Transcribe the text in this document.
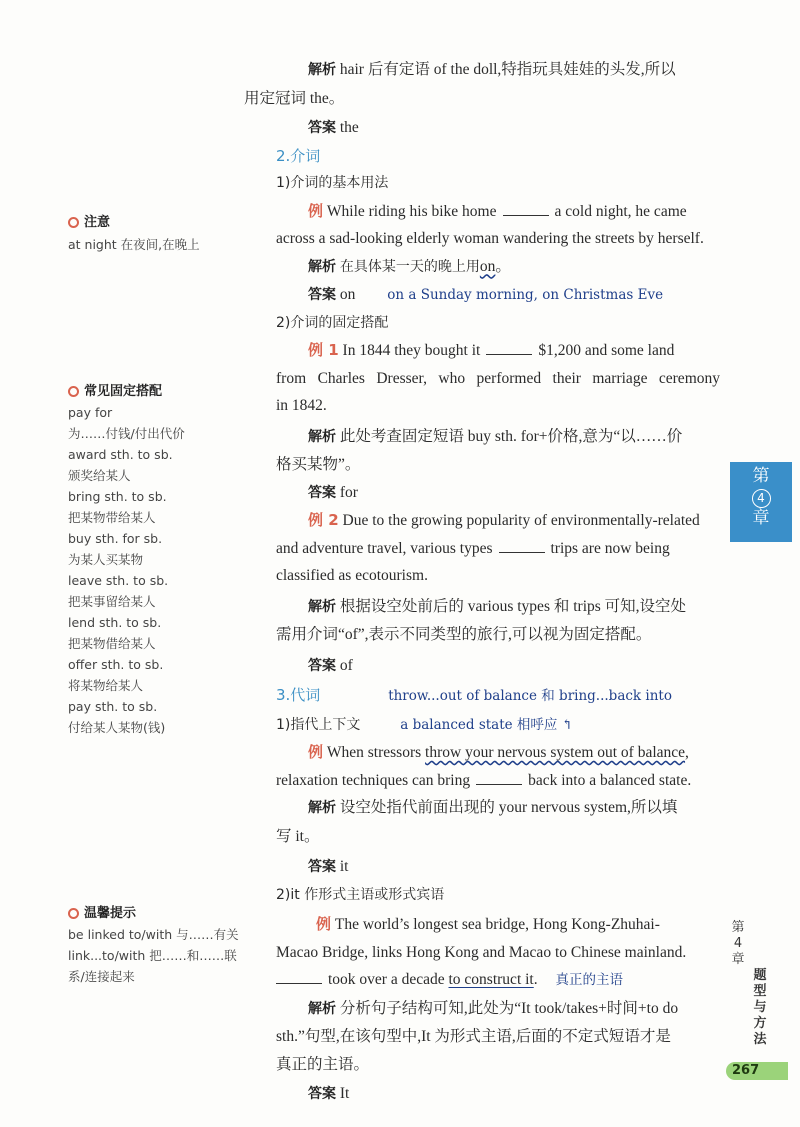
解析 hair 后有定语 of the doll,特指玩具娃娃的头发,所以
用定冠词 the。
答案 the
2.介词
1)介词的基本用法
例 While riding his bike home	a cold night, he came
across a sad-looking elderly woman wandering the streets by herself.
解析 在具体某一天的晚上用on。
答案 on on a Sunday morning, on Christmas Eve
2)介词的固定搭配
例 1 In 1844 they bought it	$1,200 and some land
from Charles Dresser, who performed their marriage ceremony
in 1842.
解析 此处考查固定短语 buy sth. for+价格,意为“以……价
格买某物”。
答案 for
例 2 Due to the growing popularity of environmentally-related
and adventure travel, various types	trips are now being
classified as ecotourism.
解析 根据设空处前后的 various types 和 trips 可知,设空处
需用介词“of”,表示不同类型的旅行,可以视为固定搭配。
答案 of
3.代词	throw...out of balance 和 bring...back into
1)指代上下文	a balanced state 相呼应 ↰
例 When stressors throw your nervous system out of balance,
relaxation techniques can bring	back into a balanced state.
解析 设空处指代前面出现的 your nervous system,所以填
写 it。
答案 it
2)it 作形式主语或形式宾语
例 The world’s longest sea bridge, Hong Kong-Zhuhai-
Macao Bridge, links Hong Kong and Macao to Chinese mainland.
took over a decade to construct it. 真正的主语
解析 分析句子结构可知,此处为“It took/takes+时间+to do
sth.”句型,在该句型中,It 为形式主语,后面的不定式短语才是
真正的主语。
答案 It
注意
at night 在夜间,在晚上
常见固定搭配
pay for
为……付钱/付出代价
award sth. to sb.
颁奖给某人
bring sth. to sb.
把某物带给某人
buy sth. for sb.
为某人买某物
leave sth. to sb.
把某事留给某人
lend sth. to sb.
把某物借给某人
offer sth. to sb.
将某物给某人
pay sth. to sb.
付给某人某物(钱)
温馨提示
be linked to/with 与……有关
link...to/with 把……和……联
系/连接起来
第
4
章
第
4
章
题
型
与
方
法
267
